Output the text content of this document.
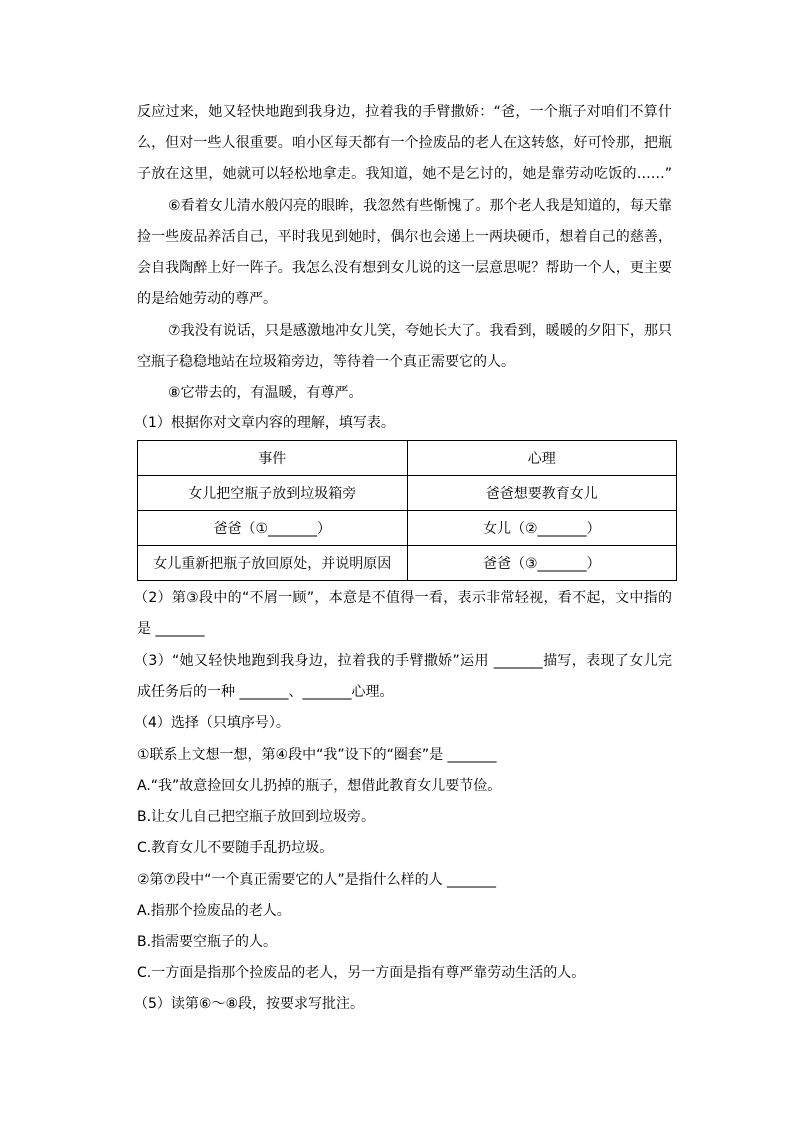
反应过来，她又轻快地跑到我身边，拉着我的手臂撒娇：“爸，一个瓶子对咱们不算什
么，但对一些人很重要。咱小区每天都有一个捡废品的老人在这转悠，好可怜那，把瓶
子放在这里，她就可以轻松地拿走。我知道，她不是乞讨的，她是靠劳动吃饭的……”
⑥看着女儿清水般闪亮的眼眸，我忽然有些惭愧了。那个老人我是知道的，每天靠
捡一些废品养活自己，平时我见到她时，偶尔也会递上一两块硬币，想着自己的慈善，
会自我陶醉上好一阵子。我怎么没有想到女儿说的这一层意思呢？帮助一个人，更主要
的是给她劳动的尊严。
⑦我没有说话，只是感激地冲女儿笑，夸她长大了。我看到，暖暖的夕阳下，那只
空瓶子稳稳地站在垃圾箱旁边，等待着一个真正需要它的人。
⑧它带去的，有温暖，有尊严。
（1）根据你对文章内容的理解，填写表。
事件	心理
女儿把空瓶子放到垃圾箱旁	爸爸想要教育女儿
爸爸（①_______）	女儿（②_______）
女儿重新把瓶子放回原处，并说明原因	爸爸（③_______）
（2）第③段中的“不屑一顾”，本意是不值得一看，表示非常轻视，看不起，文中指的
是 _______
（3）“她又轻快地跑到我身边，拉着我的手臂撒娇”运用 _______描写，表现了女儿完
成任务后的一种 _______、_______心理。
（4）选择（只填序号）。
①联系上文想一想，第④段中“我”设下的“圈套”是 _______
A.“我”故意捡回女儿扔掉的瓶子，想借此教育女儿要节俭。
B.让女儿自己把空瓶子放回到垃圾旁。
C.教育女儿不要随手乱扔垃圾。
②第⑦段中“一个真正需要它的人”是指什么样的人 _______
A.指那个捡废品的老人。
B.指需要空瓶子的人。
C.一方面是指那个捡废品的老人，另一方面是指有尊严靠劳动生活的人。
（5）读第⑥～⑧段，按要求写批注。
